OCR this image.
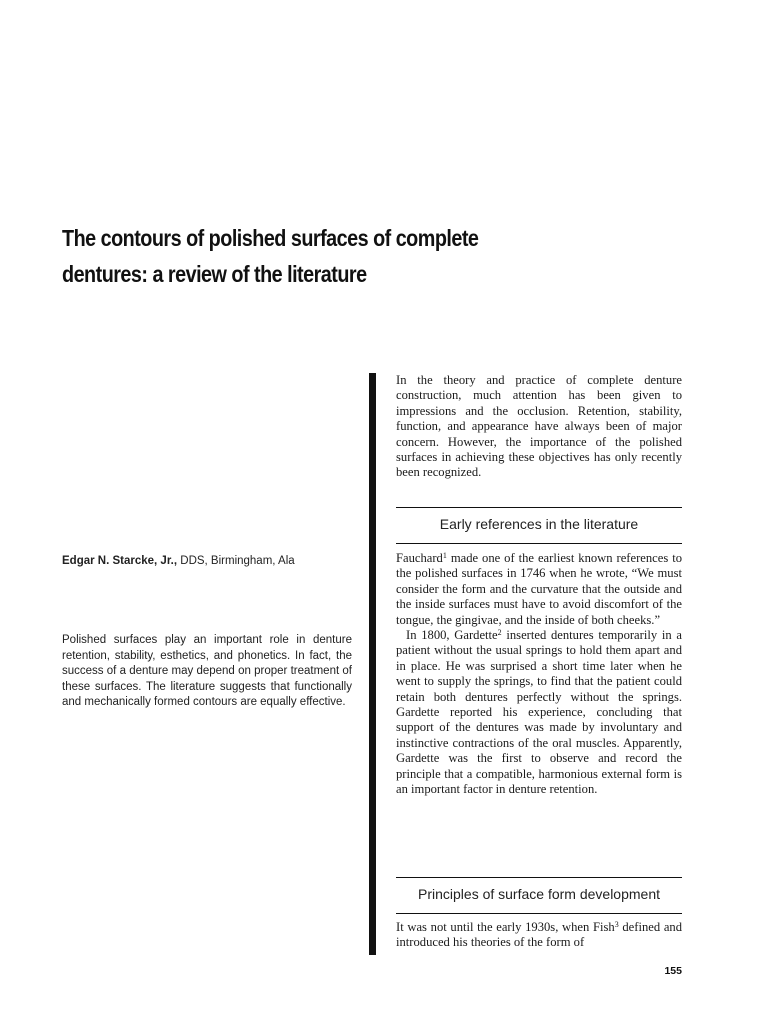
The contours of polished surfaces of complete
dentures: a review of the literature
Edgar N. Starcke, Jr., DDS, Birmingham, Ala

Polished surfaces play an important role in denture retention, stability, esthetics, and phonetics. In fact, the success of a denture may depend on proper treatment of these surfaces. The literature suggests that functionally and mechanically formed contours are equally effective.

In the theory and practice of complete denture construction, much attention has been given to impressions and the occlusion. Retention, stability, function, and appearance have always been of major concern. However, the importance of the polished surfaces in achieving these objectives has only recently been recognized.

Early references in the literature

Fauchard$^1$ made one of the earliest known references to the polished surfaces in 1746 when he wrote, “We must consider the form and the curvature that the outside and the inside surfaces must have to avoid discomfort of the tongue, the gingivae, and the inside of both cheeks.”

In 1800, Gardette$^2$ inserted dentures temporarily in a patient without the usual springs to hold them apart and in place. He was surprised a short time later when he went to supply the springs, to find that the patient could retain both dentures perfectly without the springs. Gardette reported his experience, concluding that support of the dentures was made by involuntary and instinctive contractions of the oral muscles. Apparently, Gardette was the first to observe and record the principle that a compatible, harmonious external form is an important factor in denture retention.

Principles of surface form development

It was not until the early 1930s, when Fish$^3$ defined and introduced his theories of the form of

155
